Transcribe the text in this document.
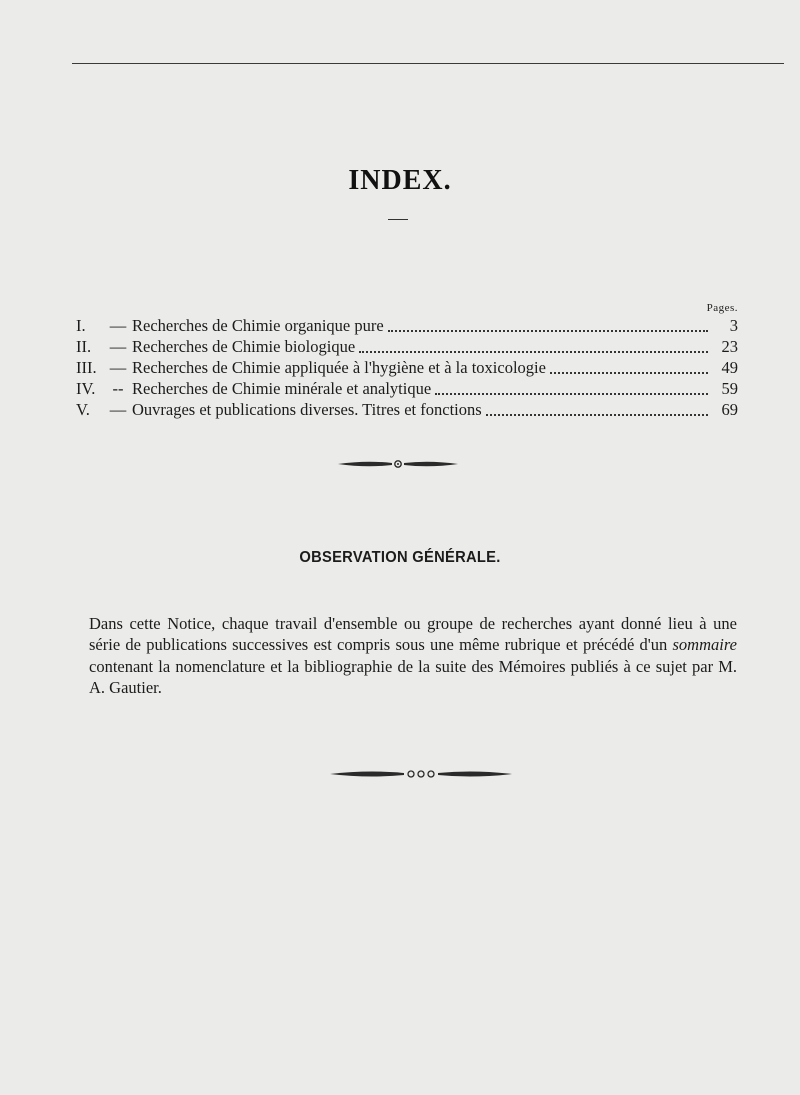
INDEX.
Pages.
I.	— Recherches de Chimie organique pure	3
II.	— Recherches de Chimie biologique	23
III. — Recherches de Chimie appliquée à l'hygiène et à la toxicologie	49
IV.	-- Recherches de Chimie minérale et analytique	59
V.	— Ouvrages et publications diverses. Titres et fonctions	69
OBSERVATION GÉNÉRALE.

Dans cette Notice, chaque travail d'ensemble ou groupe de recherches ayant donné lieu à une série de publications successives est compris sous une même rubrique et précédé d'un sommaire contenant la nomenclature et la bibliographie de la suite des Mémoires publiés à ce sujet par M. A. Gautier.
